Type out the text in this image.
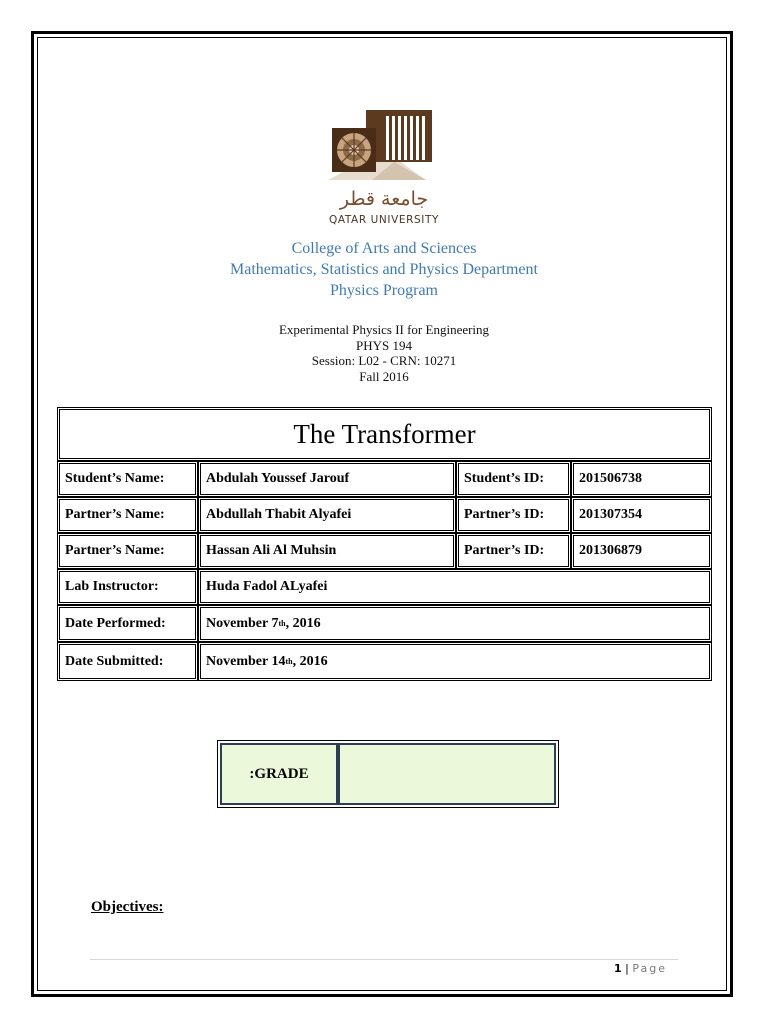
جامعة قطر
QATAR UNIVERSITY
College of Arts and Sciences
Mathematics, Statistics and Physics Department
Physics Program
Experimental Physics II for Engineering
PHYS 194
Session: L02 - CRN: 10271
Fall 2016
The Transformer
Student’s Name:	Abdulah Youssef Jarouf	Student’s ID:	201506738
Partner’s Name:	Abdullah Thabit Alyafei	Partner’s ID:	201307354
Partner’s Name:	Hassan Ali Al Muhsin	Partner’s ID:	201306879
Lab Instructor:	Huda Fadol ALyafei
Date Performed:	November 7 th , 2016
Date Submitted:	November 14 th , 2016
:GRADE
Objectives:
1 | Page
